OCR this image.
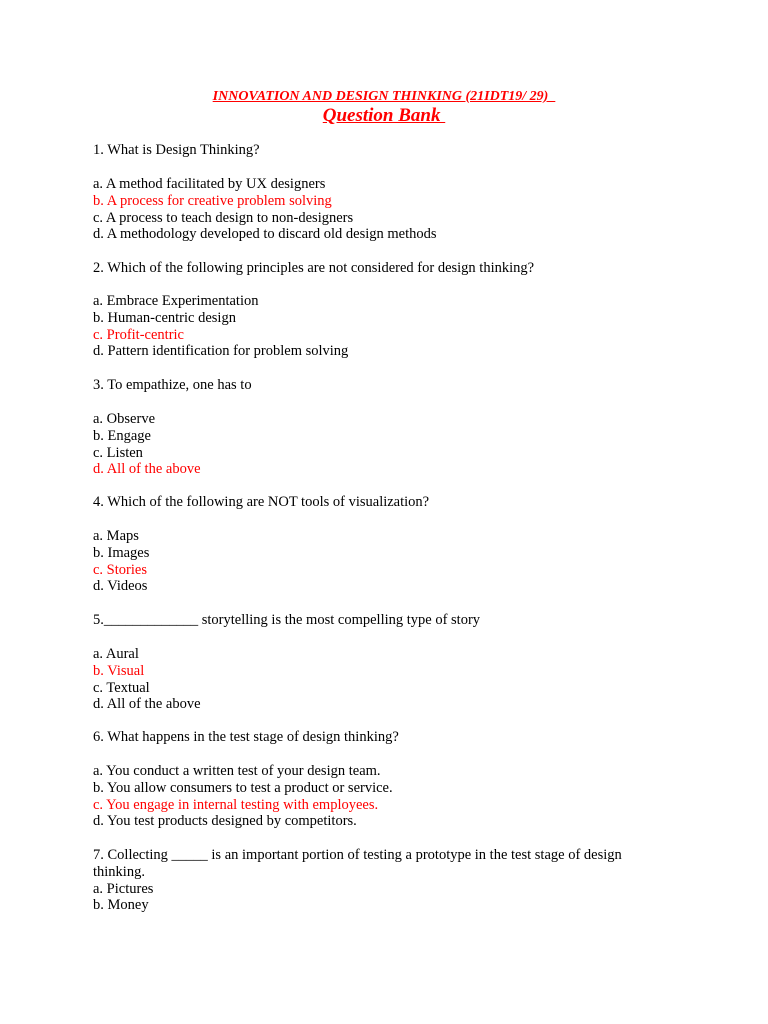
INNOVATION AND DESIGN THINKING (21IDT19/ 29)
Question Bank
1. What is Design Thinking?
a. A method facilitated by UX designers
b. A process for creative problem solving
c. A process to teach design to non-designers
d. A methodology developed to discard old design methods
2. Which of the following principles are not considered for design thinking?
a. Embrace Experimentation
b. Human-centric design
c. Profit-centric
d. Pattern identification for problem solving
3. To empathize, one has to
a. Observe
b. Engage
c. Listen
d. All of the above
4. Which of the following are NOT tools of visualization?
a. Maps
b. Images
c. Stories
d. Videos
5._____________ storytelling is the most compelling type of story
a. Aural
b. Visual
c. Textual
d. All of the above
6. What happens in the test stage of design thinking?
a. You conduct a written test of your design team.
b. You allow consumers to test a product or service.
c. You engage in internal testing with employees.
d. You test products designed by competitors.
7. Collecting _____ is an important portion of testing a prototype in the test stage of design thinking.
a. Pictures
b. Money
